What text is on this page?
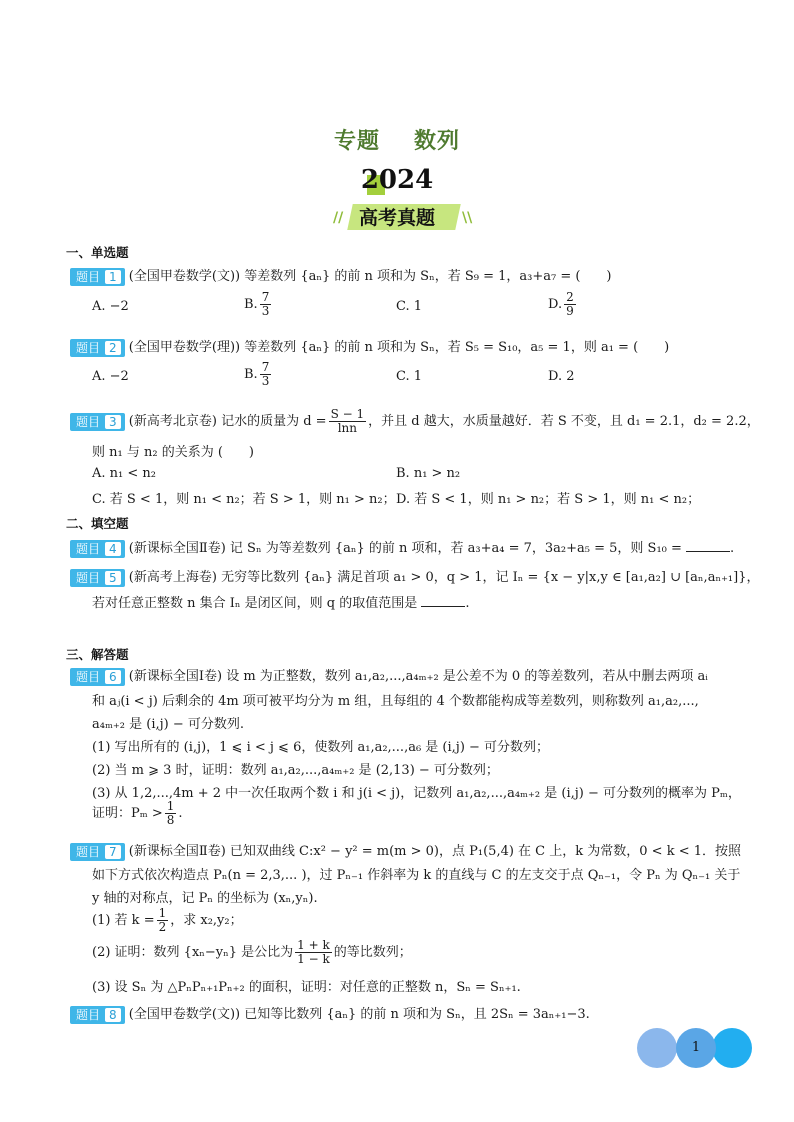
专题 数列
2024
// 高考真题	\\
一、单选题
题目 1 (全国甲卷数学(文)) 等差数列 {aₙ} 的前 n 项和为 Sₙ，若 S₉ = 1，a₃+a₇ = (　　)
A. −2	B. $\frac{7}{3}$	C. 1	D. $\frac{2}{9}$
题目 2 (全国甲卷数学(理)) 等差数列 {aₙ} 的前 n 项和为 Sₙ，若 S₅ = S₁₀，a₅ = 1，则 a₁ = (　　)
A. −2	B. $\frac{7}{3}$	C. 1	D. 2
题目 3 (新高考北京卷) 记水的质量为 $d = \frac{S - 1}{\ln n}$ ，并且 d 越大，水质量越好．若 S 不变，且 d₁ = 2.1，d₂ = 2.2，
则 n₁ 与 n₂ 的关系为 (　　)
A. n₁ < n₂	B. n₁ > n₂
C. 若 S < 1，则 n₁ < n₂；若 S > 1，则 n₁ > n₂； D. 若 S < 1，则 n₁ > n₂；若 S > 1，则 n₁ < n₂；
二、填空题
题目 4 (新课标全国Ⅱ卷) 记 Sₙ 为等差数列 {aₙ} 的前 n 项和，若 a₃+a₄ = 7，3a₂+a₅ = 5，则 S₁₀ =	.
题目 5 (新高考上海卷) 无穷等比数列 {aₙ} 满足首项 a₁ > 0，q > 1，记 Iₙ = {x − y|x,y ∈ [a₁,a₂] ∪ [aₙ,aₙ₊₁]}，
若对任意正整数 n 集合 Iₙ 是闭区间，则 q 的取值范围是	.
三、解答题
题目 6 (新课标全国Ⅰ卷) 设 m 为正整数，数列 a₁,a₂,...,a₄ₘ₊₂ 是公差不为 0 的等差数列，若从中删去两项 aᵢ
和 aⱼ(i < j) 后剩余的 4m 项可被平均分为 m 组，且每组的 4 个数都能构成等差数列，则称数列 a₁,a₂,...,
a₄ₘ₊₂ 是 (i,j) − 可分数列.
(1) 写出所有的 (i,j)，1 ⩽ i < j ⩽ 6，使数列 a₁,a₂,...,a₆ 是 (i,j) − 可分数列；
(2) 当 m ⩾ 3 时，证明：数列 a₁,a₂,...,a₄ₘ₊₂ 是 (2,13) − 可分数列；
(3) 从 1,2,...,4m + 2 中一次任取两个数 i 和 j(i < j)，记数列 a₁,a₂,...,a₄ₘ₊₂ 是 (i,j) − 可分数列的概率为 Pₘ，
证明：$P_m > \frac{1}{8}$ .
题目 7 (新课标全国Ⅱ卷) 已知双曲线 C:x² − y² = m(m > 0)，点 P₁(5,4) 在 C 上，k 为常数，0 < k < 1．按照
如下方式依次构造点 Pₙ(n = 2,3,... )，过 Pₙ₋₁ 作斜率为 k 的直线与 C 的左支交于点 Qₙ₋₁，令 Pₙ 为 Qₙ₋₁ 关于
y 轴的对称点，记 Pₙ 的坐标为 (xₙ,yₙ).
(1) 若 $k = \frac{1}{2}$ ，求 x₂,y₂；
(2) 证明：数列 {xₙ−yₙ} 是公比为 $\frac{1 + k}{1 - k}$ 的等比数列；
(3) 设 Sₙ 为 △PₙPₙ₊₁Pₙ₊₂ 的面积，证明：对任意的正整数 n，Sₙ = Sₙ₊₁.
题目 8 (全国甲卷数学(文)) 已知等比数列 {aₙ} 的前 n 项和为 Sₙ，且 2Sₙ = 3aₙ₊₁−3.
1
